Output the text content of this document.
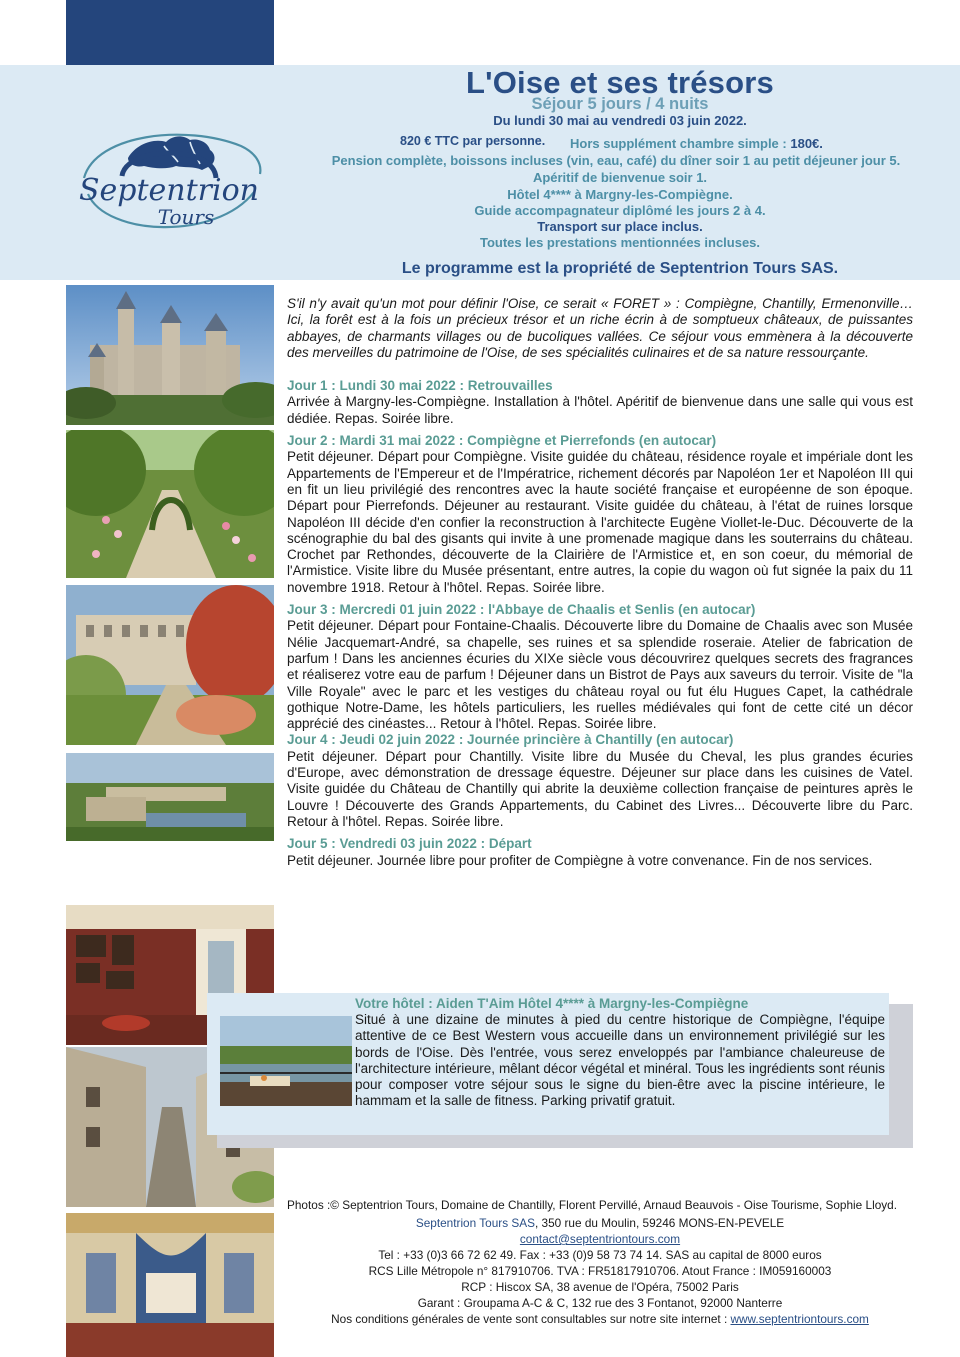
Septentrion
Tours
L'Oise et ses trésors
Séjour 5 jours / 4 nuits
Du lundi 30 mai au vendredi 03 juin 2022.
820 € TTC par personne. Hors supplément chambre simple : 180€.
Pension complète, boissons incluses (vin, eau, café) du dîner soir 1 au petit déjeuner jour 5.
Apéritif de bienvenue soir 1.
Hôtel 4**** à Margny-les-Compiègne.
Guide accompagnateur diplômé les jours 2 à 4.
Transport sur place inclus.
Toutes les prestations mentionnées incluses.
Le programme est la propriété de Septentrion Tours SAS.

S'il n'y avait qu'un mot pour définir l'Oise, ce serait « FORET » : Compiègne, Chantilly, Ermenonville… Ici, la forêt est à la fois un précieux trésor et un riche écrin à de somptueux châteaux, de puissantes abbayes, de charmants villages ou de bucoliques vallées. Ce séjour vous emmènera à la découverte des merveilles du patrimoine de l'Oise, de ses spécialités culinaires et de sa nature ressourçante.

Jour 1 : Lundi 30 mai 2022 : Retrouvailles
Arrivée à Margny-les-Compiègne. Installation à l'hôtel. Apéritif de bienvenue dans une salle qui vous est dédiée. Repas. Soirée libre.
Jour 2 : Mardi 31 mai 2022 : Compiègne et Pierrefonds (en autocar)
Petit déjeuner. Départ pour Compiègne. Visite guidée du château, résidence royale et impériale dont les Appartements de l'Empereur et de l'Impératrice, richement décorés par Napoléon 1er et Napoléon III qui en fit un lieu privilégié des rencontres avec la haute société française et européenne de son époque. Départ pour Pierrefonds. Déjeuner au restaurant. Visite guidée du château, à l'état de ruines lorsque Napoléon III décide d'en confier la reconstruction à l'architecte Eugène Viollet-le-Duc. Découverte de la scénographie du bal des gisants qui invite à une promenade magique dans les souterrains du château. Crochet par Rethondes, découverte de la Clairière de l'Armistice et, en son coeur, du mémorial de l'Armistice. Visite libre du Musée présentant, entre autres, la copie du wagon où fut signée la paix du 11 novembre 1918. Retour à l'hôtel. Repas. Soirée libre.
Jour 3 : Mercredi 01 juin 2022 : l'Abbaye de Chaalis et Senlis (en autocar)
Petit déjeuner. Départ pour Fontaine-Chaalis. Découverte libre du Domaine de Chaalis avec son Musée Nélie Jacquemart-André, sa chapelle, ses ruines et sa splendide roseraie. Atelier de fabrication de parfum ! Dans les anciennes écuries du XIXe siècle vous découvrirez quelques secrets des fragrances et réaliserez votre eau de parfum ! Déjeuner dans un Bistrot de Pays aux saveurs du terroir. Visite de "la Ville Royale" avec le parc et les vestiges du château royal ou fut élu Hugues Capet, la cathédrale gothique Notre-Dame, les hôtels particuliers, les ruelles médiévales qui font de cette cité un décor apprécié des cinéastes... Retour à l'hôtel. Repas. Soirée libre.
Jour 4 : Jeudi 02 juin 2022 : Journée princière à Chantilly (en autocar)
Petit déjeuner. Départ pour Chantilly. Visite libre du Musée du Cheval, les plus grandes écuries d'Europe, avec démonstration de dressage équestre. Déjeuner sur place dans les cuisines de Vatel. Visite guidée du Château de Chantilly qui abrite la deuxième collection française de peintures après le Louvre ! Découverte des Grands Appartements, du Cabinet des Livres... Découverte libre du Parc. Retour à l'hôtel. Repas. Soirée libre.
Jour 5 : Vendredi 03 juin 2022 : Départ
Petit déjeuner. Journée libre pour profiter de Compiègne à votre convenance. Fin de nos services.
Votre hôtel : Aiden T'Aim Hôtel 4**** à Margny-les-Compiègne
Situé à une dizaine de minutes à pied du centre historique de Compiègne, l'équipe attentive de ce Best Western vous accueille dans un environnement privilégié sur les bords de l'Oise. Dès l'entrée, vous serez enveloppés par l'ambiance chaleureuse de l'architecture intérieure, mêlant décor végétal et minéral. Tous les ingrédients sont réunis pour composer votre séjour sous le signe du bien-être avec la piscine intérieure, le hammam et la salle de fitness. Parking privatif gratuit.
Photos :© Septentrion Tours, Domaine de Chantilly, Florent Pervillé, Arnaud Beauvois - Oise Tourisme, Sophie Lloyd.
Septentrion Tours SAS, 350 rue du Moulin, 59246 MONS-EN-PEVELE
contact@septentriontours.com
Tel : +33 (0)3 66 72 62 49. Fax : +33 (0)9 58 73 74 14. SAS au capital de 8000 euros
RCS Lille Métropole n° 817910706. TVA : FR51817910706. Atout France : IM059160003
RCP : Hiscox SA, 38 avenue de l'Opéra, 75002 Paris
Garant : Groupama A-C & C, 132 rue des 3 Fontanot, 92000 Nanterre
Nos conditions générales de vente sont consultables sur notre site internet : www.septentriontours.com
